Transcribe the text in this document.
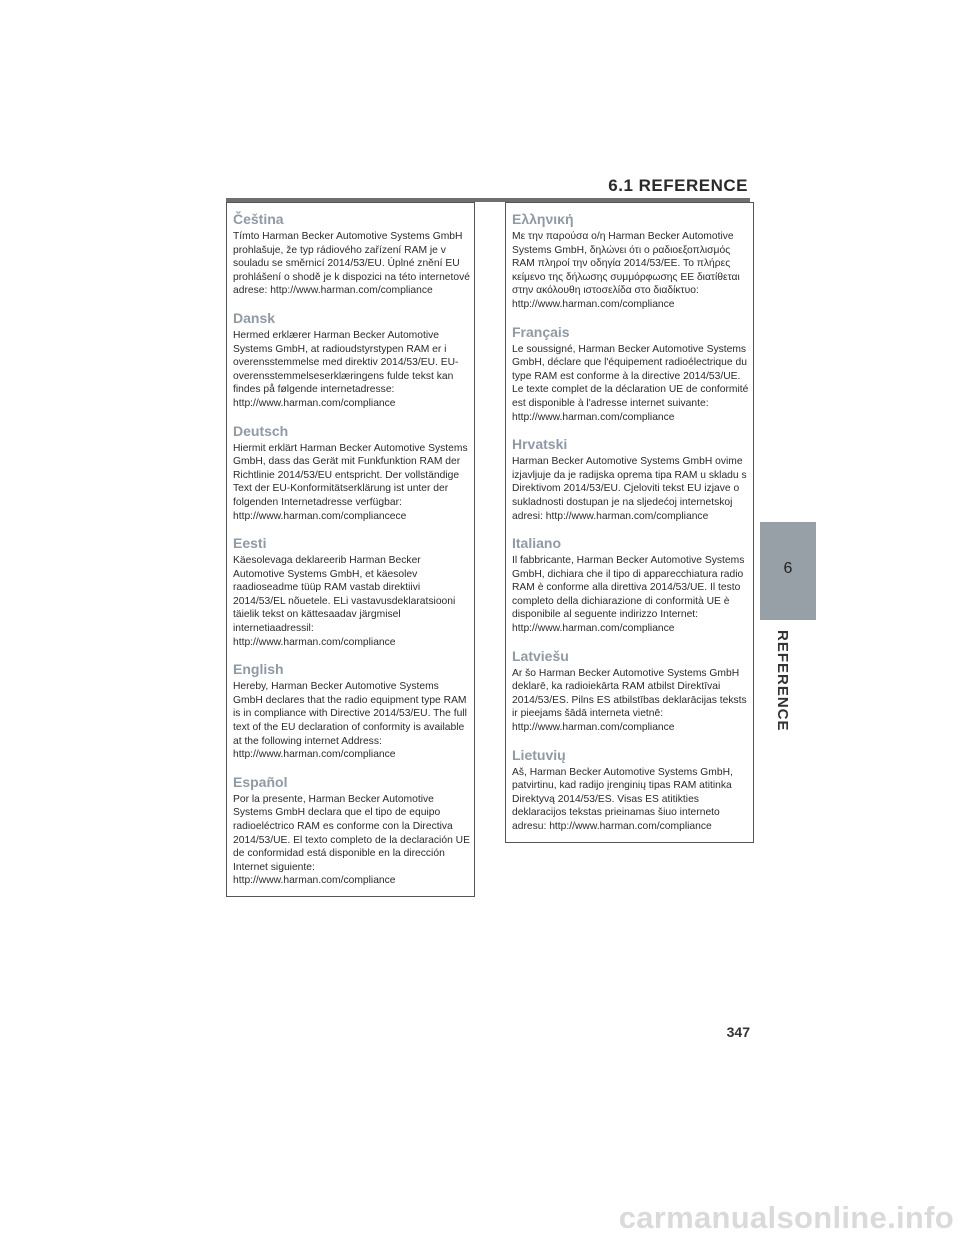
6.1 REFERENCE
Čeština
Tímto Harman Becker Automotive Systems GmbH prohlašuje, že typ rádiového zařízení RAM je v souladu se směrnicí 2014/53/EU. Úplné znění EU prohlášení o shodě je k dispozici na této internetové adrese: http://www.harman.com/compliance
Dansk
Hermed erklærer Harman Becker Automotive Systems GmbH, at radioudstyrstypen RAM er i overensstemmelse med direktiv 2014/53/EU. EU-overensstemmelseserklæringens fulde tekst kan findes på følgende internetadresse: http://www.harman.com/compliance
Deutsch
Hiermit erklärt Harman Becker Automotive Systems GmbH, dass das Gerät mit Funkfunktion RAM der Richtlinie 2014/53/EU entspricht. Der vollständige Text der EU-Konformitätserklärung ist unter der folgenden Internetadresse verfügbar: http://www.harman.com/compliancece
Eesti
Käesolevaga deklareerib Harman Becker Automotive Systems GmbH, et käesolev raadioseadme tüüp RAM vastab direktiivi 2014/53/EL nõuetele. ELi vastavusdeklaratsiooni täielik tekst on kättesaadav järgmisel internetiaadressil: http://www.harman.com/compliance
English
Hereby, Harman Becker Automotive Systems GmbH declares that the radio equipment type RAM is in compliance with Directive 2014/53/EU. The full text of the EU declaration of conformity is available at the following internet Address: http://www.harman.com/compliance
Español
Por la presente, Harman Becker Automotive Systems GmbH declara que el tipo de equipo radioeléctrico RAM es conforme con la Directiva 2014/53/UE. El texto completo de la declaración UE de conformidad está disponible en la dirección Internet siguiente: http://www.harman.com/compliance
Ελληνική
Με την παρούσα ο/η Harman Becker Automotive Systems GmbH, δηλώνει ότι ο ραδιοεξοπλισμός RAM πληροί την οδηγία 2014/53/ΕΕ. Το πλήρες κείμενο της δήλωσης συμμόρφωσης ΕΕ διατίθεται στην ακόλουθη ιστοσελίδα στο διαδίκτυο: http://www.harman.com/compliance
Français
Le soussigné, Harman Becker Automotive Systems GmbH, déclare que l'équipement radioélectrique du type RAM est conforme à la directive 2014/53/UE. Le texte complet de la déclaration UE de conformité est disponible à l'adresse internet suivante: http://www.harman.com/compliance
Hrvatski
Harman Becker Automotive Systems GmbH ovime izjavljuje da je radijska oprema tipa RAM u skladu s Direktivom 2014/53/EU. Cjeloviti tekst EU izjave o sukladnosti dostupan je na sljedećoj internetskoj adresi: http://www.harman.com/compliance
Italiano
Il fabbricante, Harman Becker Automotive Systems GmbH, dichiara che il tipo di apparecchiatura radio RAM è conforme alla direttiva 2014/53/UE. Il testo completo della dichiarazione di conformità UE è disponibile al seguente indirizzo Internet: http://www.harman.com/compliance
Latviešu
Ar šo Harman Becker Automotive Systems GmbH deklarē, ka radioiekārta RAM atbilst Direktīvai 2014/53/ES. Pilns ES atbilstības deklarācijas teksts ir pieejams šādā interneta vietnē: http://www.harman.com/compliance
Lietuvių
Aš, Harman Becker Automotive Systems GmbH, patvirtinu, kad radijo įrenginių tipas RAM atitinka Direktyvą 2014/53/ES. Visas ES atitikties deklaracijos tekstas prieinamas šiuo interneto adresu: http://www.harman.com/compliance
6
REFERENCE
347
carmanualsonline.info
